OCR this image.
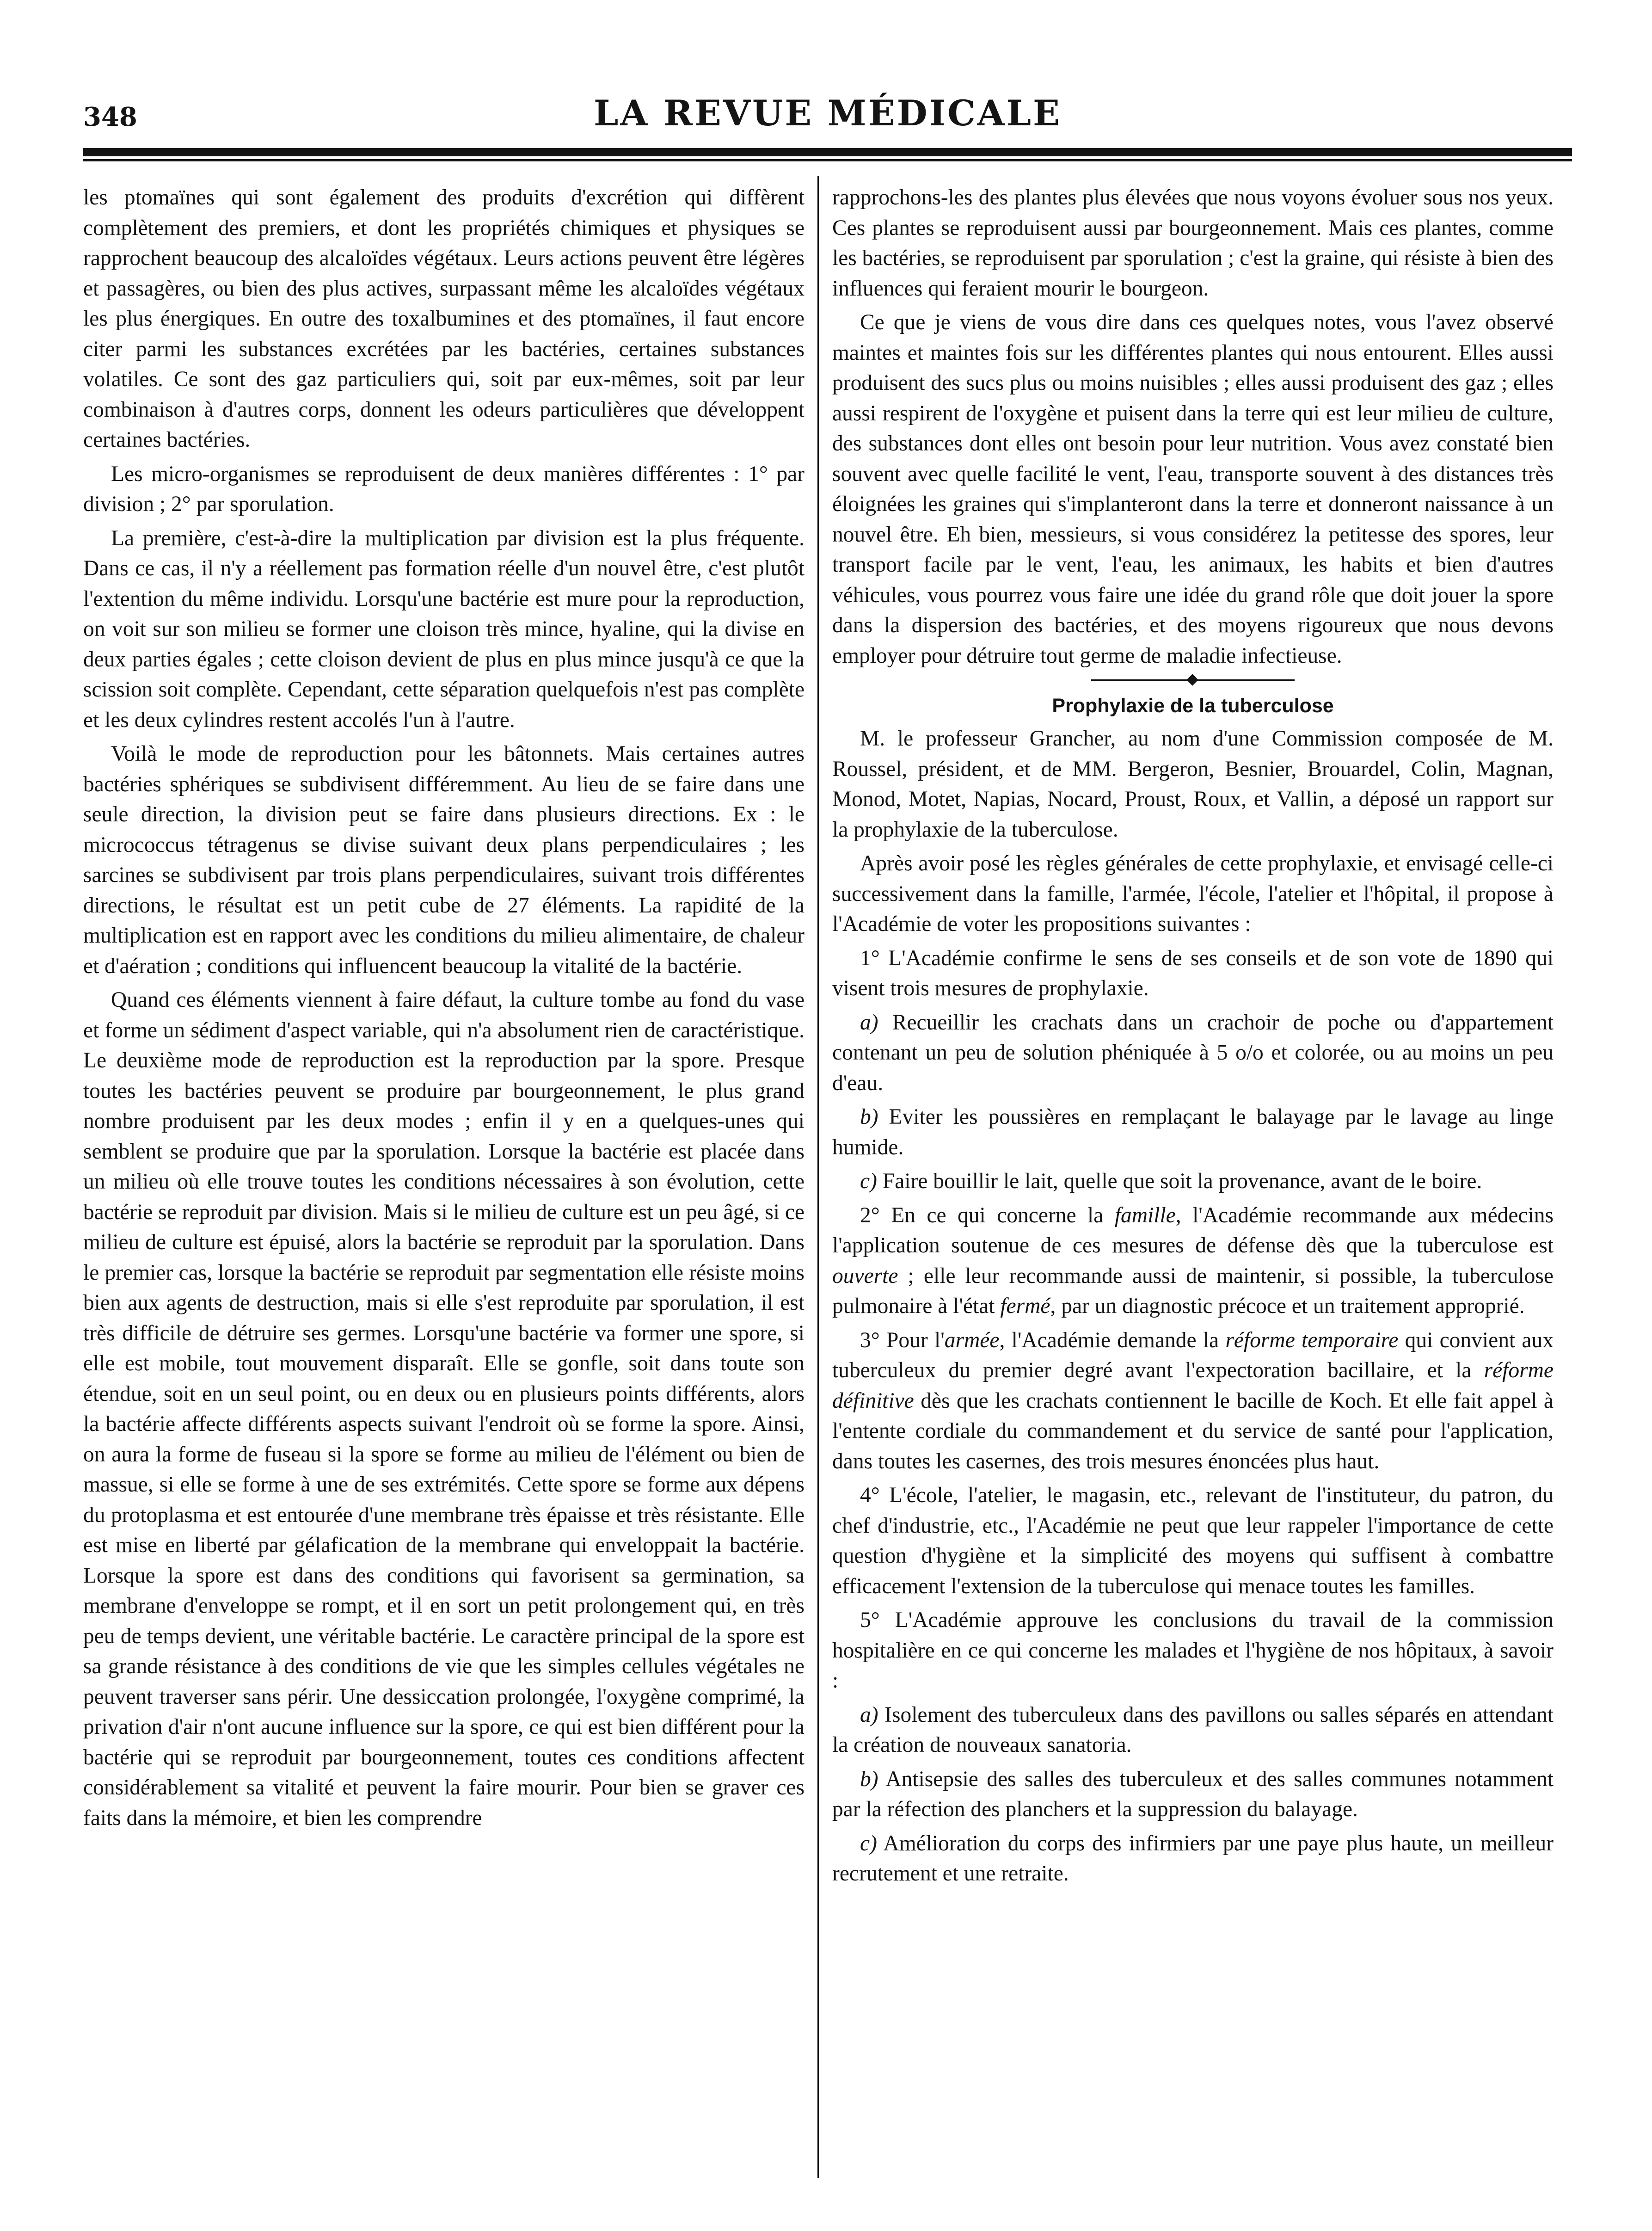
348	LA REVUE MÉDICALE

les ptomaïnes qui sont également des produits d'excrétion qui diffèrent complètement des premiers, et dont les propriétés chimiques et physiques se rapprochent beaucoup des alcaloïdes végétaux. Leurs actions peuvent être légères et passagères, ou bien des plus actives, surpassant même les alcaloïdes végétaux les plus énergiques. En outre des toxalbumines et des ptomaïnes, il faut encore citer parmi les substances excrétées par les bactéries, certaines substances volatiles. Ce sont des gaz particuliers qui, soit par eux-mêmes, soit par leur combinaison à d'autres corps, donnent les odeurs particulières que développent certaines bactéries.

Les micro-organismes se reproduisent de deux manières différentes : 1° par division ; 2° par sporulation.

La première, c'est-à-dire la multiplication par division est la plus fréquente. Dans ce cas, il n'y a réellement pas formation réelle d'un nouvel être, c'est plutôt l'extention du même individu. Lorsqu'une bactérie est mure pour la reproduction, on voit sur son milieu se former une cloison très mince, hyaline, qui la divise en deux parties égales ; cette cloison devient de plus en plus mince jusqu'à ce que la scission soit complète. Cependant, cette séparation quelquefois n'est pas complète et les deux cylindres restent accolés l'un à l'autre.

Voilà le mode de reproduction pour les bâtonnets. Mais certaines autres bactéries sphériques se subdivisent différemment. Au lieu de se faire dans une seule direction, la division peut se faire dans plusieurs directions. Ex : le micrococcus tétragenus se divise suivant deux plans perpendiculaires ; les sarcines se subdivisent par trois plans perpendiculaires, suivant trois différentes directions, le résultat est un petit cube de 27 éléments. La rapidité de la multiplication est en rapport avec les conditions du milieu alimentaire, de chaleur et d'aération ; conditions qui influencent beaucoup la vitalité de la bactérie.

Quand ces éléments viennent à faire défaut, la culture tombe au fond du vase et forme un sédiment d'aspect variable, qui n'a absolument rien de caractéristique. Le deuxième mode de reproduction est la reproduction par la spore. Presque toutes les bactéries peuvent se produire par bourgeonnement, le plus grand nombre produisent par les deux modes ; enfin il y en a quelques-unes qui semblent se produire que par la sporulation. Lorsque la bactérie est placée dans un milieu où elle trouve toutes les conditions nécessaires à son évolution, cette bactérie se reproduit par division. Mais si le milieu de culture est un peu âgé, si ce milieu de culture est épuisé, alors la bactérie se reproduit par la sporulation. Dans le premier cas, lorsque la bactérie se reproduit par segmentation elle résiste moins bien aux agents de destruction, mais si elle s'est reproduite par sporulation, il est très difficile de détruire ses germes. Lorsqu'une bactérie va former une spore, si elle est mobile, tout mouvement disparaît. Elle se gonfle, soit dans toute son étendue, soit en un seul point, ou en deux ou en plusieurs points différents, alors la bactérie affecte différents aspects suivant l'endroit où se forme la spore. Ainsi, on aura la forme de fuseau si la spore se forme au milieu de l'élément ou bien de massue, si elle se forme à une de ses extrémités. Cette spore se forme aux dépens du protoplasma et est entourée d'une membrane très épaisse et très résistante. Elle est mise en liberté par gélafication de la membrane qui enveloppait la bactérie. Lorsque la spore est dans des conditions qui favorisent sa germination, sa membrane d'enveloppe se rompt, et il en sort un petit prolongement qui, en très peu de temps devient, une véritable bactérie. Le caractère principal de la spore est sa grande résistance à des conditions de vie que les simples cellules végétales ne peuvent traverser sans périr. Une dessiccation prolongée, l'oxygène comprimé, la privation d'air n'ont aucune influence sur la spore, ce qui est bien différent pour la bactérie qui se reproduit par bourgeonnement, toutes ces conditions affectent considérablement sa vitalité et peuvent la faire mourir. Pour bien se graver ces faits dans la mémoire, et bien les comprendre

rapprochons-les des plantes plus élevées que nous voyons évoluer sous nos yeux. Ces plantes se reproduisent aussi par bourgeonnement. Mais ces plantes, comme les bactéries, se reproduisent par sporulation ; c'est la graine, qui résiste à bien des influences qui feraient mourir le bourgeon.

Ce que je viens de vous dire dans ces quelques notes, vous l'avez observé maintes et maintes fois sur les différentes plantes qui nous entourent. Elles aussi produisent des sucs plus ou moins nuisibles ; elles aussi produisent des gaz ; elles aussi respirent de l'oxygène et puisent dans la terre qui est leur milieu de culture, des substances dont elles ont besoin pour leur nutrition. Vous avez constaté bien souvent avec quelle facilité le vent, l'eau, transporte souvent à des distances très éloignées les graines qui s'implanteront dans la terre et donneront naissance à un nouvel être. Eh bien, messieurs, si vous considérez la petitesse des spores, leur transport facile par le vent, l'eau, les animaux, les habits et bien d'autres véhicules, vous pourrez vous faire une idée du grand rôle que doit jouer la spore dans la dispersion des bactéries, et des moyens rigoureux que nous devons employer pour détruire tout germe de maladie infectieuse.

Prophylaxie de la tuberculose

M. le professeur Grancher, au nom d'une Commission composée de M. Roussel, président, et de MM. Bergeron, Besnier, Brouardel, Colin, Magnan, Monod, Motet, Napias, Nocard, Proust, Roux, et Vallin, a déposé un rapport sur la prophylaxie de la tuberculose.

Après avoir posé les règles générales de cette prophylaxie, et envisagé celle-ci successivement dans la famille, l'armée, l'école, l'atelier et l'hôpital, il propose à l'Académie de voter les propositions suivantes :

1° L'Académie confirme le sens de ses conseils et de son vote de 1890 qui visent trois mesures de prophylaxie.

a) Recueillir les crachats dans un crachoir de poche ou d'appartement contenant un peu de solution phéniquée à 5 o/o et colorée, ou au moins un peu d'eau.

b) Eviter les poussières en remplaçant le balayage par le lavage au linge humide.

c) Faire bouillir le lait, quelle que soit la provenance, avant de le boire.

2° En ce qui concerne la famille, l'Académie recommande aux médecins l'application soutenue de ces mesures de défense dès que la tuberculose est ouverte ; elle leur recommande aussi de maintenir, si possible, la tuberculose pulmonaire à l'état fermé, par un diagnostic précoce et un traitement approprié.

3° Pour l'armée, l'Académie demande la réforme temporaire qui convient aux tuberculeux du premier degré avant l'expectoration bacillaire, et la réforme définitive dès que les crachats contiennent le bacille de Koch. Et elle fait appel à l'entente cordiale du commandement et du service de santé pour l'application, dans toutes les casernes, des trois mesures énoncées plus haut.

4° L'école, l'atelier, le magasin, etc., relevant de l'instituteur, du patron, du chef d'industrie, etc., l'Académie ne peut que leur rappeler l'importance de cette question d'hygiène et la simplicité des moyens qui suffisent à combattre efficacement l'extension de la tuberculose qui menace toutes les familles.

5° L'Académie approuve les conclusions du travail de la commission hospitalière en ce qui concerne les malades et l'hygiène de nos hôpitaux, à savoir :

a) Isolement des tuberculeux dans des pavillons ou salles séparés en attendant la création de nouveaux sanatoria.

b) Antisepsie des salles des tuberculeux et des salles communes notamment par la réfection des planchers et la suppression du balayage.

c) Amélioration du corps des infirmiers par une paye plus haute, un meilleur recrutement et une retraite.
